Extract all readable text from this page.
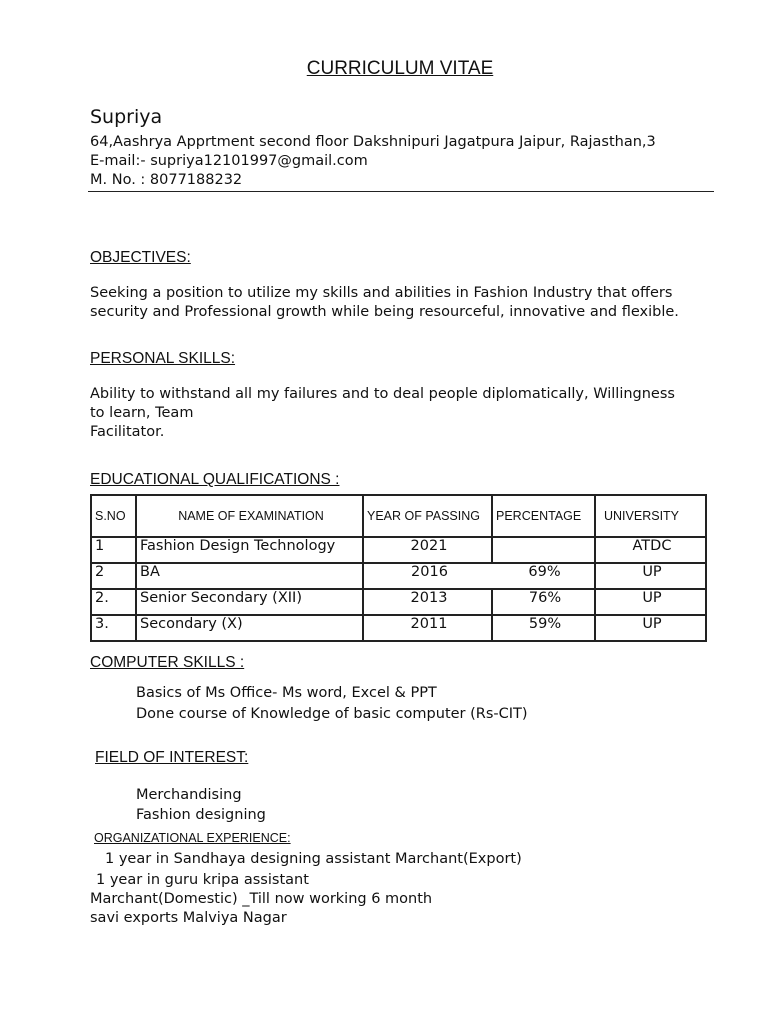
CURRICULUM VITAE
Supriya
64,Aashrya Apprtment second floor Dakshnipuri Jagatpura Jaipur, Rajasthan,3
E-mail:- supriya12101997@gmail.com
M. No. : 8077188232
OBJECTIVES:
Seeking a position to utilize my skills and abilities in Fashion Industry that offers security and Professional growth while being resourceful, innovative and flexible.
PERSONAL SKILLS:
Ability to withstand all my failures and to deal people diplomatically, Willingness
to learn, Team
Facilitator.
EDUCATIONAL QUALIFICATIONS :
S.NO	NAME OF EXAMINATION	YEAR OF PASSING	PERCENTAGE	UNIVERSITY
1	Fashion Design Technology	2021		ATDC
2	BA	2016	69%	UP
2.	Senior Secondary (XII)	2013	76%	UP
3.	Secondary (X)	2011	59%	UP
COMPUTER SKILLS :
Basics of Ms Office- Ms word, Excel & PPT
Done course of Knowledge of basic computer (Rs-CIT)
FIELD OF INTEREST:
Merchandising
Fashion designing
ORGANIZATIONAL EXPERIENCE:
1 year in Sandhaya designing assistant Marchant(Export)
1 year in guru kripa assistant
Marchant(Domestic) _Till now working 6 month
savi exports Malviya Nagar
